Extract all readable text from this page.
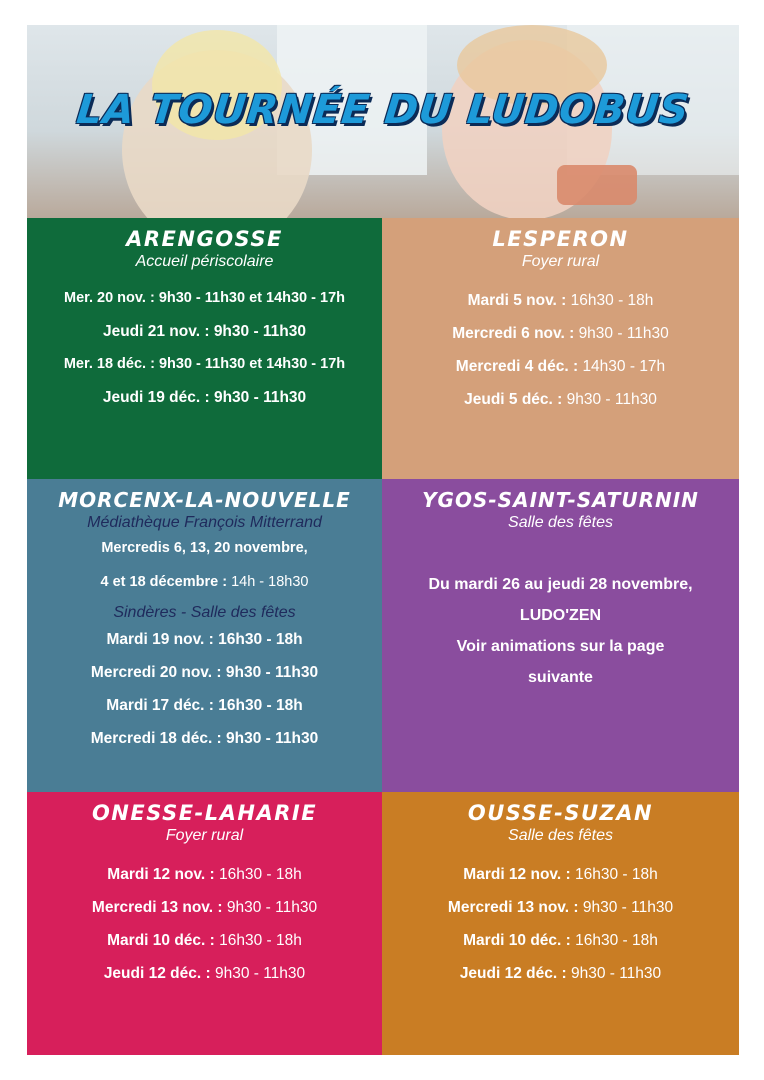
LA TOURNÉE DU LUDOBUS
ARENGOSSE
Accueil périscolaire
Mer. 20 nov. : 9h30 - 11h30 et 14h30 - 17h
Jeudi 21 nov. : 9h30 - 11h30
Mer. 18 déc. : 9h30 - 11h30 et 14h30 - 17h
Jeudi 19 déc. : 9h30 - 11h30
LESPERON
Foyer rural
Mardi 5 nov. : 16h30 - 18h
Mercredi 6 nov. : 9h30 - 11h30
Mercredi 4 déc. : 14h30 - 17h
Jeudi 5 déc. : 9h30 - 11h30
MORCENX-LA-NOUVELLE
Médiathèque François Mitterrand
Mercredis 6, 13, 20 novembre,
4 et 18 décembre : 14h - 18h30
Sindères - Salle des fêtes
Mardi 19 nov. : 16h30 - 18h
Mercredi 20 nov. : 9h30 - 11h30
Mardi 17 déc. : 16h30 - 18h
Mercredi 18 déc. : 9h30 - 11h30
YGOS-SAINT-SATURNIN
Salle des fêtes
Du mardi 26 au jeudi 28 novembre,
LUDO'ZEN
Voir animations sur la page
suivante
ONESSE-LAHARIE
Foyer rural
Mardi 12 nov. : 16h30 - 18h
Mercredi 13 nov. : 9h30 - 11h30
Mardi 10 déc. : 16h30 - 18h
Jeudi 12 déc. : 9h30 - 11h30
OUSSE-SUZAN
Salle des fêtes
Mardi 12 nov. : 16h30 - 18h
Mercredi 13 nov. : 9h30 - 11h30
Mardi 10 déc. : 16h30 - 18h
Jeudi 12 déc. : 9h30 - 11h30
